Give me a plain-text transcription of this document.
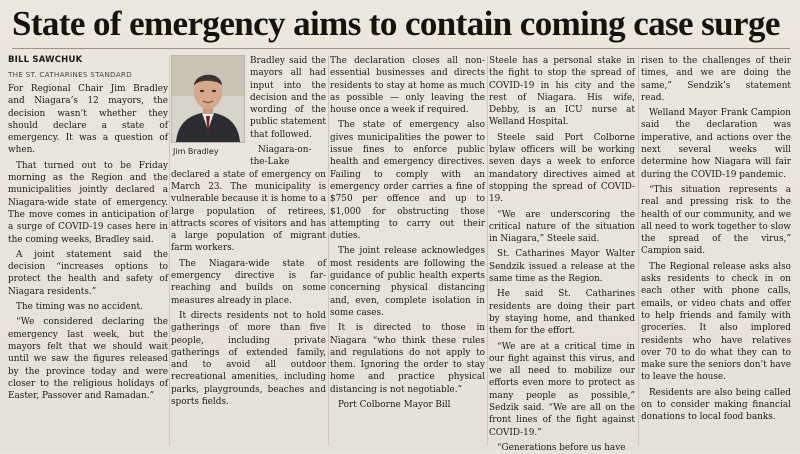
State of emergency aims to contain coming case surge

BILL SAWCHUK

THE ST. CATHARINES STANDARD

For Regional Chair Jim Bradley and Niagara’s 12 mayors, the decision wasn’t whether they should declare a state of emergency. It was a question of when.

That turned out to be Friday morning as the Region and the municipalities jointly declared a Niagara-wide state of emergency. The move comes in anticipation of a surge of COVID-19 cases here in the coming weeks, Bradley said.

A joint statement said the decision “increases options to protect the health and safety of Niagara residents.”

The timing was no accident.

“We considered declaring the emergency last week, but the mayors felt that we should wait until we saw the figures released by the province today and were closer to the religious holidays of Easter, Passover and Ramadan.”

Jim Bradley

Bradley said the mayors all had input into the decision and the wording of the public statement that followed.

Niagara-on-the-Lake declared a state of emergency on March 23. The municipality is vulnerable because it is home to a large population of retirees, attracts scores of visitors and has a large population of migrant farm workers.

The Niagara-wide state of emergency directive is far-reaching and builds on some measures already in place.

It directs residents not to hold gatherings of more than five people, including private gatherings of extended family, and to avoid all outdoor recreational amenities, including parks, playgrounds, beaches and sports fields.

The declaration closes all non-essential businesses and directs residents to stay at home as much as possible — only leaving the house once a week if required.

The state of emergency also gives municipalities the power to issue fines to enforce public health and emergency directives. Failing to comply with an emergency order carries a fine of $750 per offence and up to $1,000 for obstructing those attempting to carry out their duties.

The joint release acknowledges most residents are following the guidance of public health experts concerning physical distancing and, even, complete isolation in some cases.

It is directed to those in Niagara “who think these rules and regulations do not apply to them. Ignoring the order to stay home and practice physical distancing is not negotiable.”

Port Colborne Mayor Bill

Steele has a personal stake in the fight to stop the spread of COVID-19 in his city and the rest of Niagara. His wife, Debby, is an ICU nurse at Welland Hospital.

Steele said Port Colborne bylaw officers will be working seven days a week to enforce mandatory directives aimed at stopping the spread of COVID-19.

“We are underscoring the critical nature of the situation in Niagara,” Steele said.

St. Catharines Mayor Walter Sendzik issued a release at the same time as the Region.

He said St. Catharines residents are doing their part by staying home, and thanked them for the effort.

“We are at a critical time in our fight against this virus, and we all need to mobilize our efforts even more to protect as many people as possible,” Sedzik said. “We are all on the front lines of the fight against COVID-19.”

“Generations before us have

risen to the challenges of their times, and we are doing the same,” Sendzik’s statement read.

Welland Mayor Frank Campion said the declaration was imperative, and actions over the next several weeks will determine how Niagara will fair during the COVID-19 pandemic.

“This situation represents a real and pressing risk to the health of our community, and we all need to work together to slow the spread of the virus,” Campion said.

The Regional release asks also asks residents to check in on each other with phone calls, emails, or video chats and offer to help friends and family with groceries. It also implored residents who have relatives over 70 to do what they can to make sure the seniors don’t have to leave the house.

Residents are also being called on to consider making financial donations to local food banks.
